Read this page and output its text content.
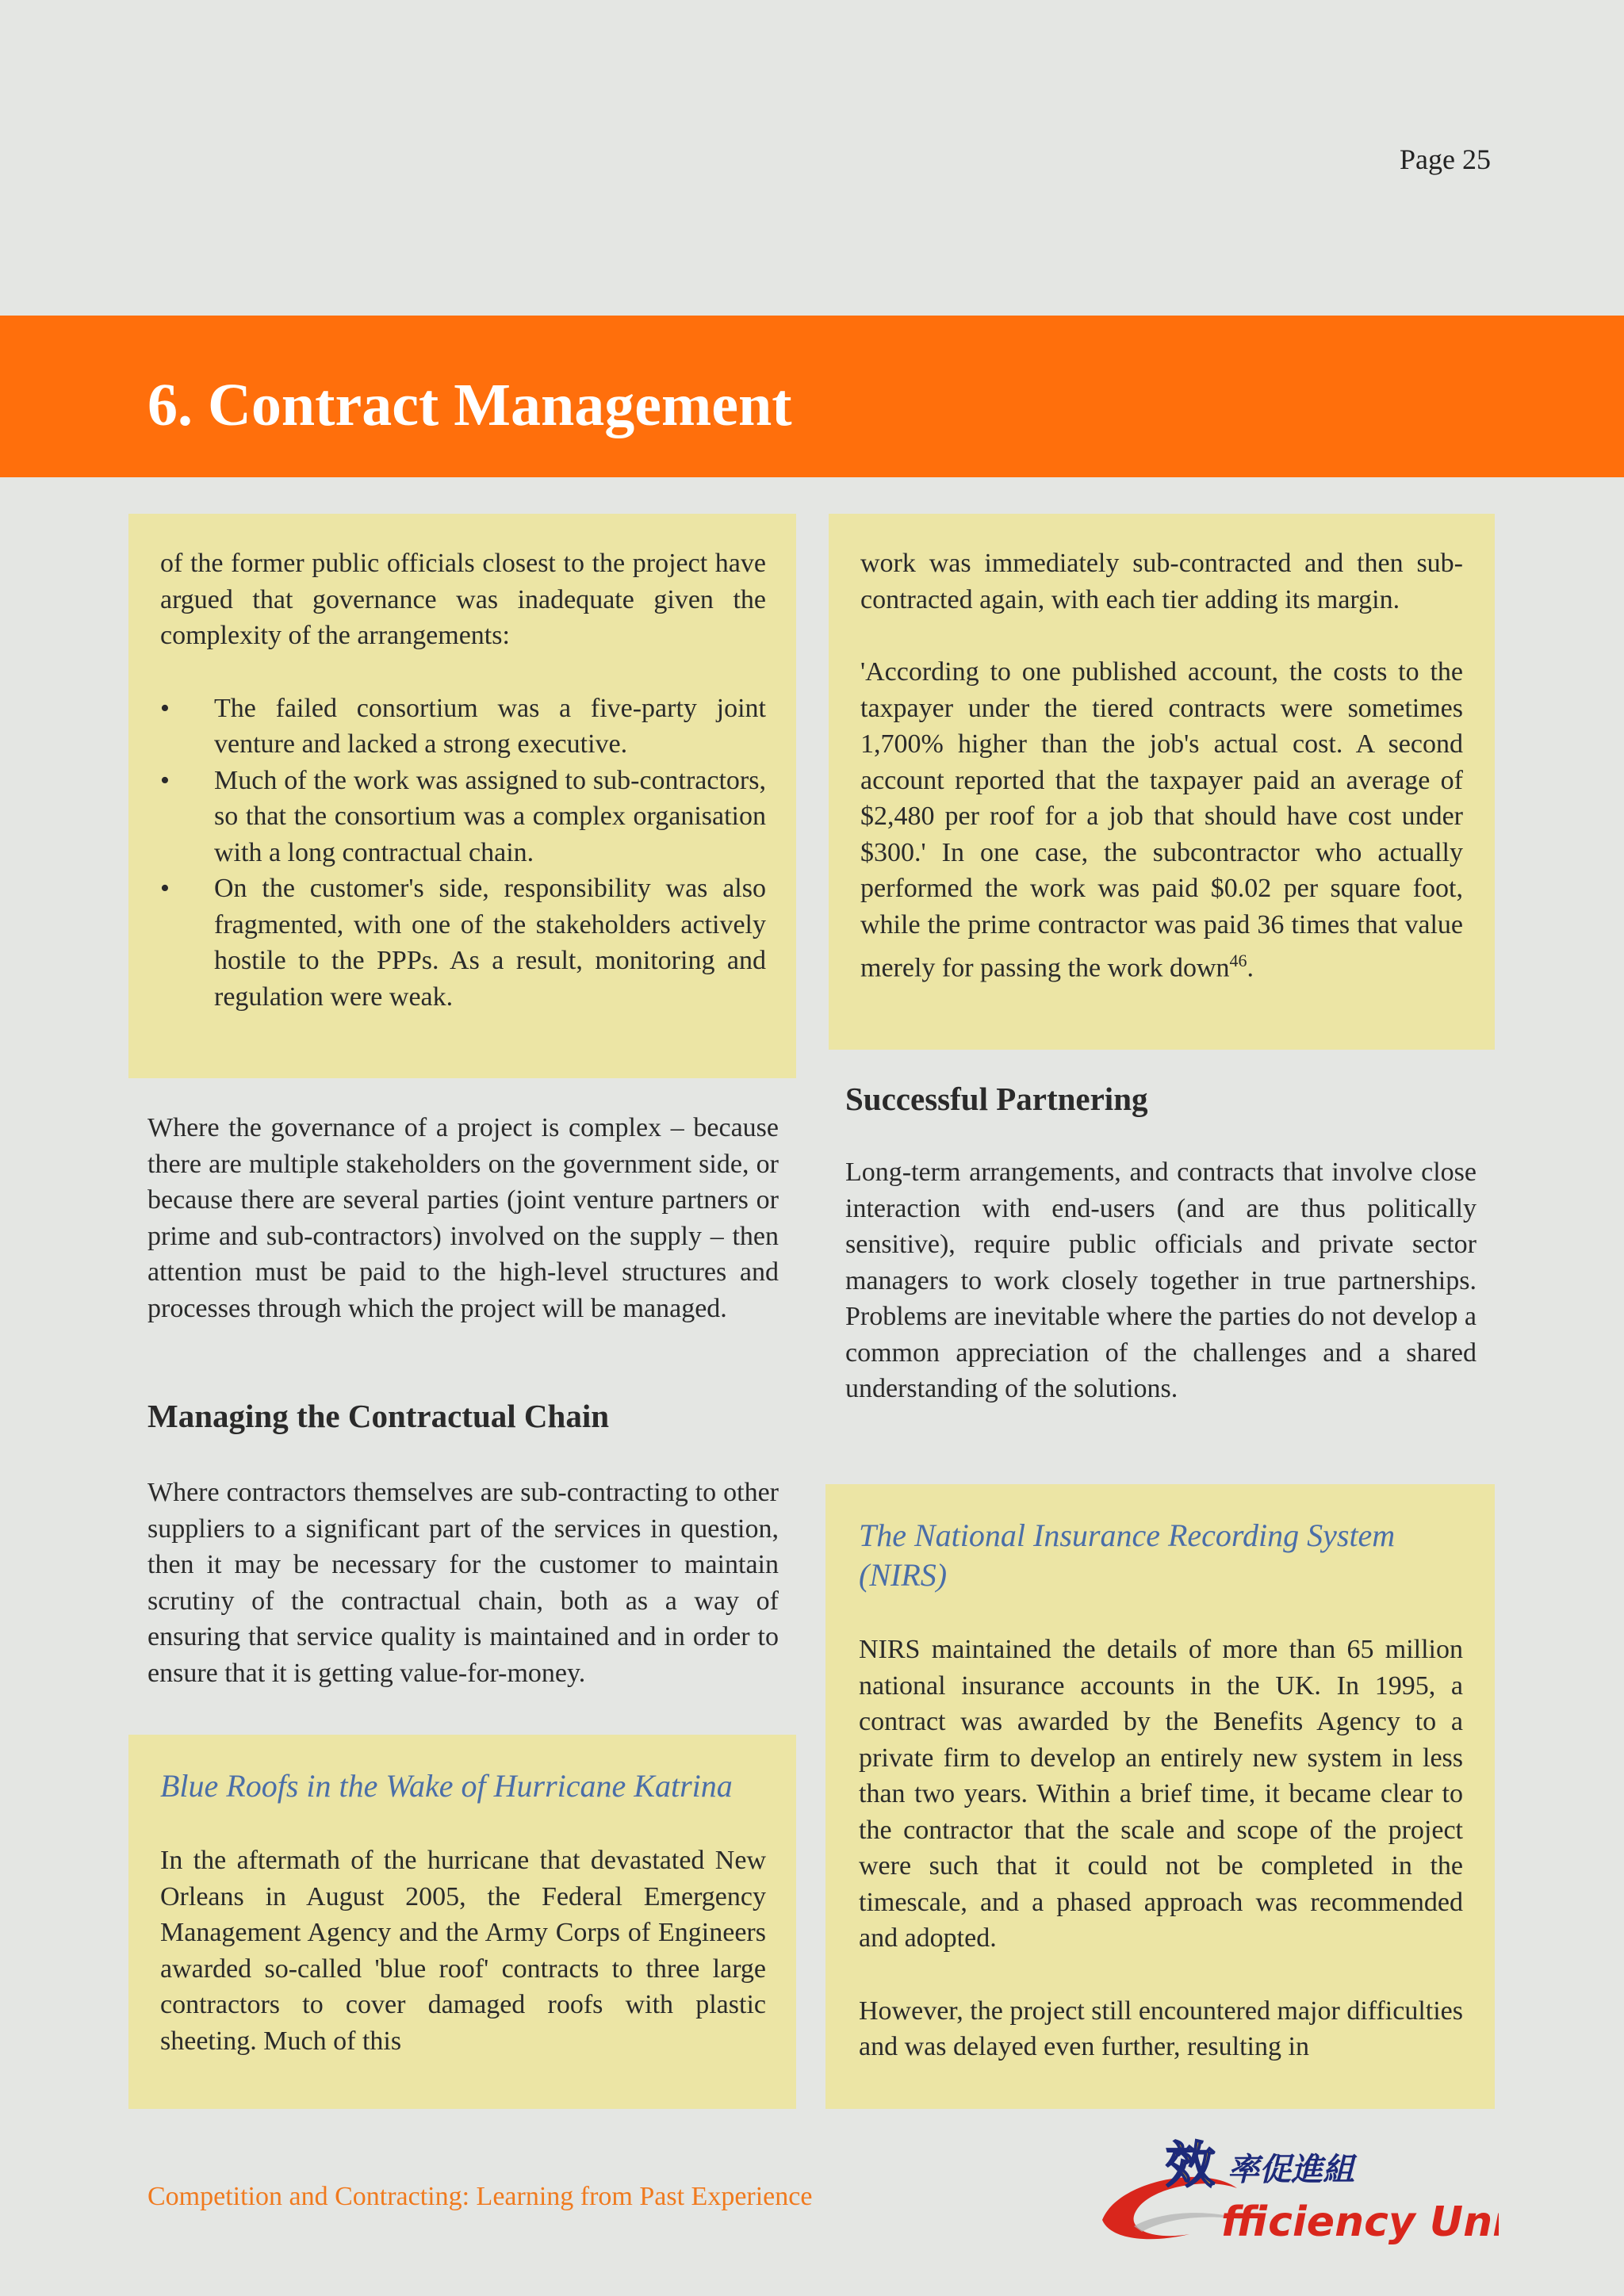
Page 25
6. Contract Management

of the former public officials closest to the project have argued that governance was inadequate given the complexity of the arrangements:

• The failed consortium was a five-party joint venture and lacked a strong executive.
• Much of the work was assigned to sub-contractors, so that the consortium was a complex organisation with a long contractual chain.
• On the customer's side, responsibility was also fragmented, with one of the stakeholders actively hostile to the PPPs. As a result, monitoring and regulation were weak.

work was immediately sub-contracted and then sub-contracted again, with each tier adding its margin.

'According to one published account, the costs to the taxpayer under the tiered contracts were sometimes 1,700% higher than the job's actual cost. A second account reported that the taxpayer paid an average of $2,480 per roof for a job that should have cost under $300.' In one case, the subcontractor who actually performed the work was paid $0.02 per square foot, while the prime contractor was paid 36 times that value merely for passing the work down$^{46}$.

Where the governance of a project is complex – because there are multiple stakeholders on the government side, or because there are several parties (joint venture partners or prime and sub-contractors) involved on the supply – then attention must be paid to the high-level structures and processes through which the project will be managed.

Managing the Contractual Chain

Where contractors themselves are sub-contracting to other suppliers to a significant part of the services in question, then it may be necessary for the customer to maintain scrutiny of the contractual chain, both as a way of ensuring that service quality is maintained and in order to ensure that it is getting value-for-money.

Successful Partnering

Long-term arrangements, and contracts that involve close interaction with end-users (and are thus politically sensitive), require public officials and private sector managers to work closely together in true partnerships. Problems are inevitable where the parties do not develop a common appreciation of the challenges and a shared understanding of the solutions.

Blue Roofs in the Wake of Hurricane Katrina

In the aftermath of the hurricane that devastated New Orleans in August 2005, the Federal Emergency Management Agency and the Army Corps of Engineers awarded so-called 'blue roof' contracts to three large contractors to cover damaged roofs with plastic sheeting. Much of this

The National Insurance Recording System (NIRS)

NIRS maintained the details of more than 65 million national insurance accounts in the UK. In 1995, a contract was awarded by the Benefits Agency to a private firm to develop an entirely new system in less than two years. Within a brief time, it became clear to the contractor that the scale and scope of the project were such that it could not be completed in the timescale, and a phased approach was recommended and adopted.

However, the project still encountered major difficulties and was delayed even further, resulting in

Competition and Contracting: Learning from Past Experience
效 率促進組
fficiency Unit
